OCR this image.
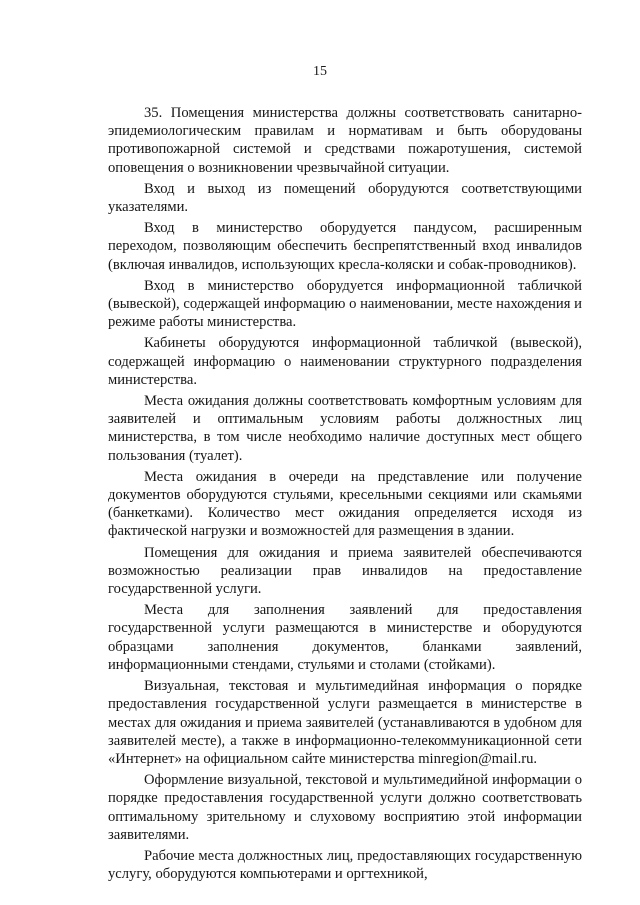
15

35. Помещения министерства должны соответствовать санитарно-эпидемиологическим правилам и нормативам и быть оборудованы противопожарной системой и средствами пожаротушения, системой оповещения о возникновении чрезвычайной ситуации.

Вход и выход из помещений оборудуются соответствующими указателями.

Вход в министерство оборудуется пандусом, расширенным переходом, позволяющим обеспечить беспрепятственный вход инвалидов (включая инвалидов, использующих кресла-коляски и собак-проводников).

Вход в министерство оборудуется информационной табличкой (вывеской), содержащей информацию о наименовании, месте нахождения и режиме работы министерства.

Кабинеты оборудуются информационной табличкой (вывеской), содержащей информацию о наименовании структурного подразделения министерства.

Места ожидания должны соответствовать комфортным условиям для заявителей и оптимальным условиям работы должностных лиц министерства, в том числе необходимо наличие доступных мест общего пользования (туалет).

Места ожидания в очереди на представление или получение документов оборудуются стульями, кресельными секциями или скамьями (банкетками). Количество мест ожидания определяется исходя из фактической нагрузки и возможностей для размещения в здании.

Помещения для ожидания и приема заявителей обеспечиваются возможностью реализации прав инвалидов на предоставление государственной услуги.

Места для заполнения заявлений для предоставления государственной услуги размещаются в министерстве и оборудуются образцами заполнения документов, бланками заявлений, информационными стендами, стульями и столами (стойками).

Визуальная, текстовая и мультимедийная информация о порядке предоставления государственной услуги размещается в министерстве в местах для ожидания и приема заявителей (устанавливаются в удобном для заявителей месте), а также в информационно-телекоммуникационной сети «Интернет» на официальном сайте министерства minregion@mail.ru.

Оформление визуальной, текстовой и мультимедийной информации о порядке предоставления государственной услуги должно соответствовать оптимальному зрительному и слуховому восприятию этой информации заявителями.

Рабочие места должностных лиц, предоставляющих государственную услугу, оборудуются компьютерами и оргтехникой,
